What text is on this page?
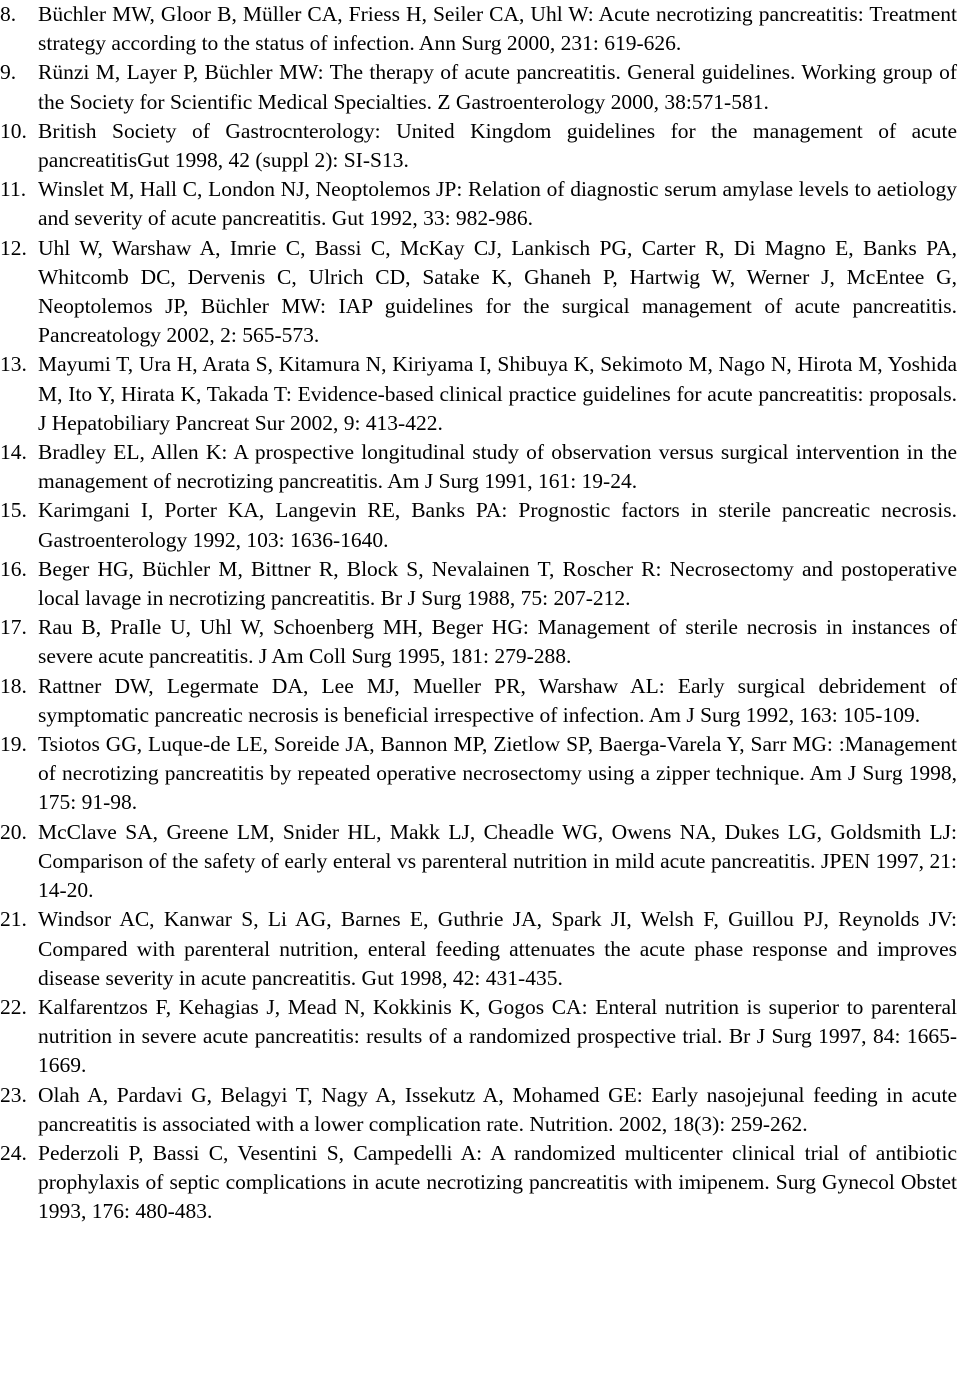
8.	Büchler MW, Gloor B, Müller CA, Friess H, Seiler CA, Uhl W: Acute necrotizing pancreatitis: Treatment strategy according to the status of infection. Ann Surg 2000, 231: 619-626.
9.	Rünzi M, Layer P, Büchler MW: The therapy of acute pancreatitis. General guidelines. Working group of the Society for Scientific Medical Specialties. Z Gastroenterology 2000, 38:571-581.
10. British Society of Gastrocnterology: United Kingdom guidelines for the management of acute pancreatitisGut 1998, 42 (suppl 2): SI-S13.
11. Winslet M, Hall C, London NJ, Neoptolemos JP: Relation of diagnostic serum amylase levels to aetiology and severity of acute pancreatitis. Gut 1992, 33: 982-986.
12. Uhl W, Warshaw A, Imrie C, Bassi C, McKay CJ, Lankisch PG, Carter R, Di Magno E, Banks PA, Whitcomb DC, Dervenis C, Ulrich CD, Satake K, Ghaneh P, Hartwig W, Werner J, McEntee G, Neoptolemos JP, Büchler MW: IAP guidelines for the surgical management of acute pancreatitis. Pancreatology 2002, 2: 565-573.
13. Mayumi T, Ura H, Arata S, Kitamura N, Kiriyama I, Shibuya K, Sekimoto M, Nago N, Hirota M, Yoshida M, Ito Y, Hirata K, Takada T: Evidence-based clinical practice guidelines for acute pancreatitis: proposals. J Hepatobiliary Pancreat Sur 2002, 9: 413-422.
14. Bradley EL, Allen K: A prospective longitudinal study of observation versus surgical intervention in the management of necrotizing pancreatitis. Am J Surg 1991, 161: 19-24.
15. Karimgani I, Porter KA, Langevin RE, Banks PA: Prognostic factors in sterile pancreatic necrosis. Gastroenterology 1992, 103: 1636-1640.
16. Beger HG, Büchler M, Bittner R, Block S, Nevalainen T, Roscher R: Necrosectomy and postoperative local lavage in necrotizing pancreatitis. Br J Surg 1988, 75: 207-212.
17. Rau B, PraIle U, Uhl W, Schoenberg MH, Beger HG: Management of sterile necrosis in instances of severe acute pancreatitis. J Am Coll Surg 1995, 181: 279-288.
18. Rattner DW, Legermate DA, Lee MJ, Mueller PR, Warshaw AL: Early surgical debridement of symptomatic pancreatic necrosis is beneficial irrespective of infection. Am J Surg 1992, 163: 105-109.
19. Tsiotos GG, Luque-de LE, Soreide JA, Bannon MP, Zietlow SP, Baerga-Varela Y, Sarr MG: :Management of necrotizing pancreatitis by repeated operative necrosectomy using a zipper technique. Am J Surg 1998, 175: 91-98.
20. McClave SA, Greene LM, Snider HL, Makk LJ, Cheadle WG, Owens NA, Dukes LG, Goldsmith LJ: Comparison of the safety of early enteral vs parenteral nutrition in mild acute pancreatitis. JPEN 1997, 21: 14-20.
21. Windsor AC, Kanwar S, Li AG, Barnes E, Guthrie JA, Spark JI, Welsh F, Guillou PJ, Reynolds JV: Compared with parenteral nutrition, enteral feeding attenuates the acute phase response and improves disease severity in acute pancreatitis. Gut 1998, 42: 431-435.
22. Kalfarentzos F, Kehagias J, Mead N, Kokkinis K, Gogos CA: Enteral nutrition is superior to parenteral nutrition in severe acute pancreatitis: results of a randomized prospective trial. Br J Surg 1997, 84: 1665-1669.
23. Olah A, Pardavi G, Belagyi T, Nagy A, Issekutz A, Mohamed GE: Early nasojejunal feeding in acute pancreatitis is associated with a lower complication rate. Nutrition. 2002, 18(3): 259-262.
24. Pederzoli P, Bassi C, Vesentini S, Campedelli A: A randomized multicenter clinical trial of antibiotic prophylaxis of septic complications in acute necrotizing pancreatitis with imipenem. Surg Gynecol Obstet 1993, 176: 480-483.
